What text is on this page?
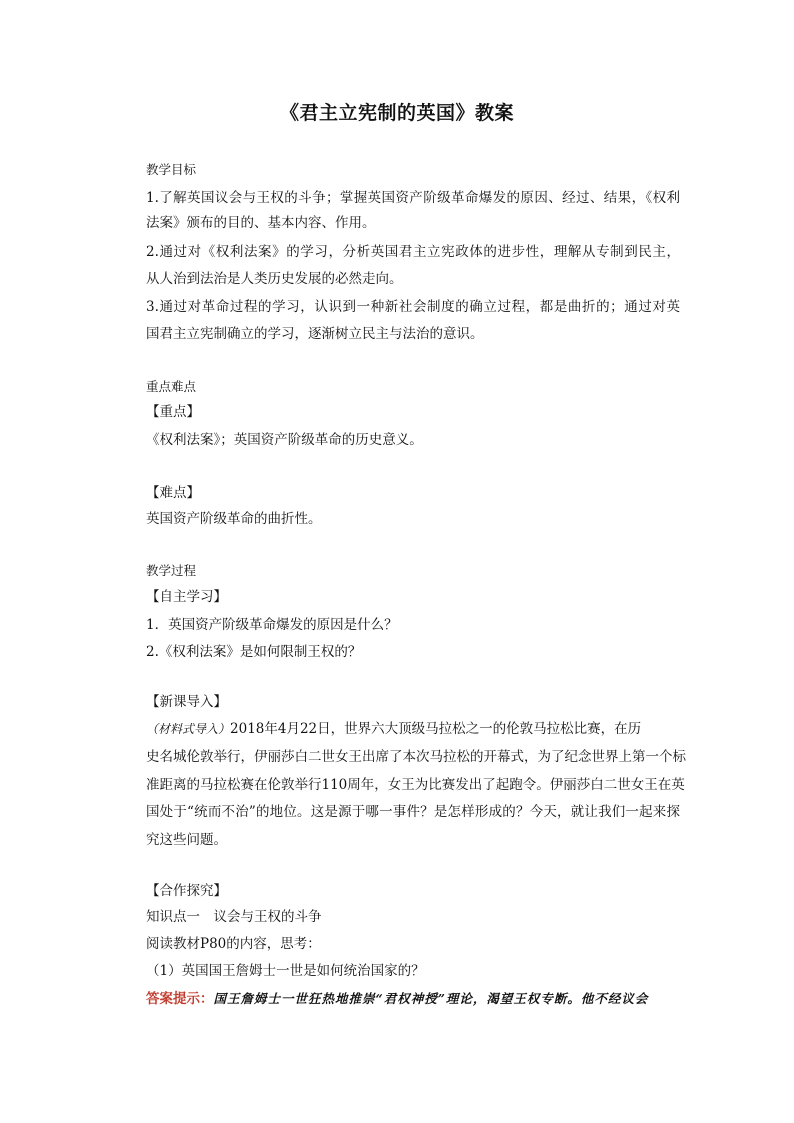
《君主立宪制的英国》教案
教学目标
1.了解英国议会与王权的斗争；掌握英国资产阶级革命爆发的原因、经过、结果，《权利
法案》颁布的目的、基本内容、作用。
2.通过对《权利法案》的学习，分析英国君主立宪政体的进步性，理解从专制到民主，
从人治到法治是人类历史发展的必然走向。
3.通过对革命过程的学习，认识到一种新社会制度的确立过程，都是曲折的；通过对英
国君主立宪制确立的学习，逐渐树立民主与法治的意识。
重点难点
【重点】
《权利法案》；英国资产阶级革命的历史意义。
【难点】
英国资产阶级革命的曲折性。
教学过程
【自主学习】
1．英国资产阶级革命爆发的原因是什么？
2.《权利法案》是如何限制王权的？
【新课导入】
（材料式导入）2018年4月22日，世界六大顶级马拉松之一的伦敦马拉松比赛，在历
史名城伦敦举行，伊丽莎白二世女王出席了本次马拉松的开幕式，为了纪念世界上第一个标
准距离的马拉松赛在伦敦举行110周年，女王为比赛发出了起跑令。伊丽莎白二世女王在英
国处于“统而不治”的地位。这是源于哪一事件？是怎样形成的？今天，就让我们一起来探
究这些问题。
【合作探究】
知识点一　议会与王权的斗争
阅读教材P80的内容，思考：
（1）英国国王詹姆士一世是如何统治国家的？
答案提示：国王詹姆士一世狂热地推崇“君权神授”理论，渴望王权专断。他不经议会
